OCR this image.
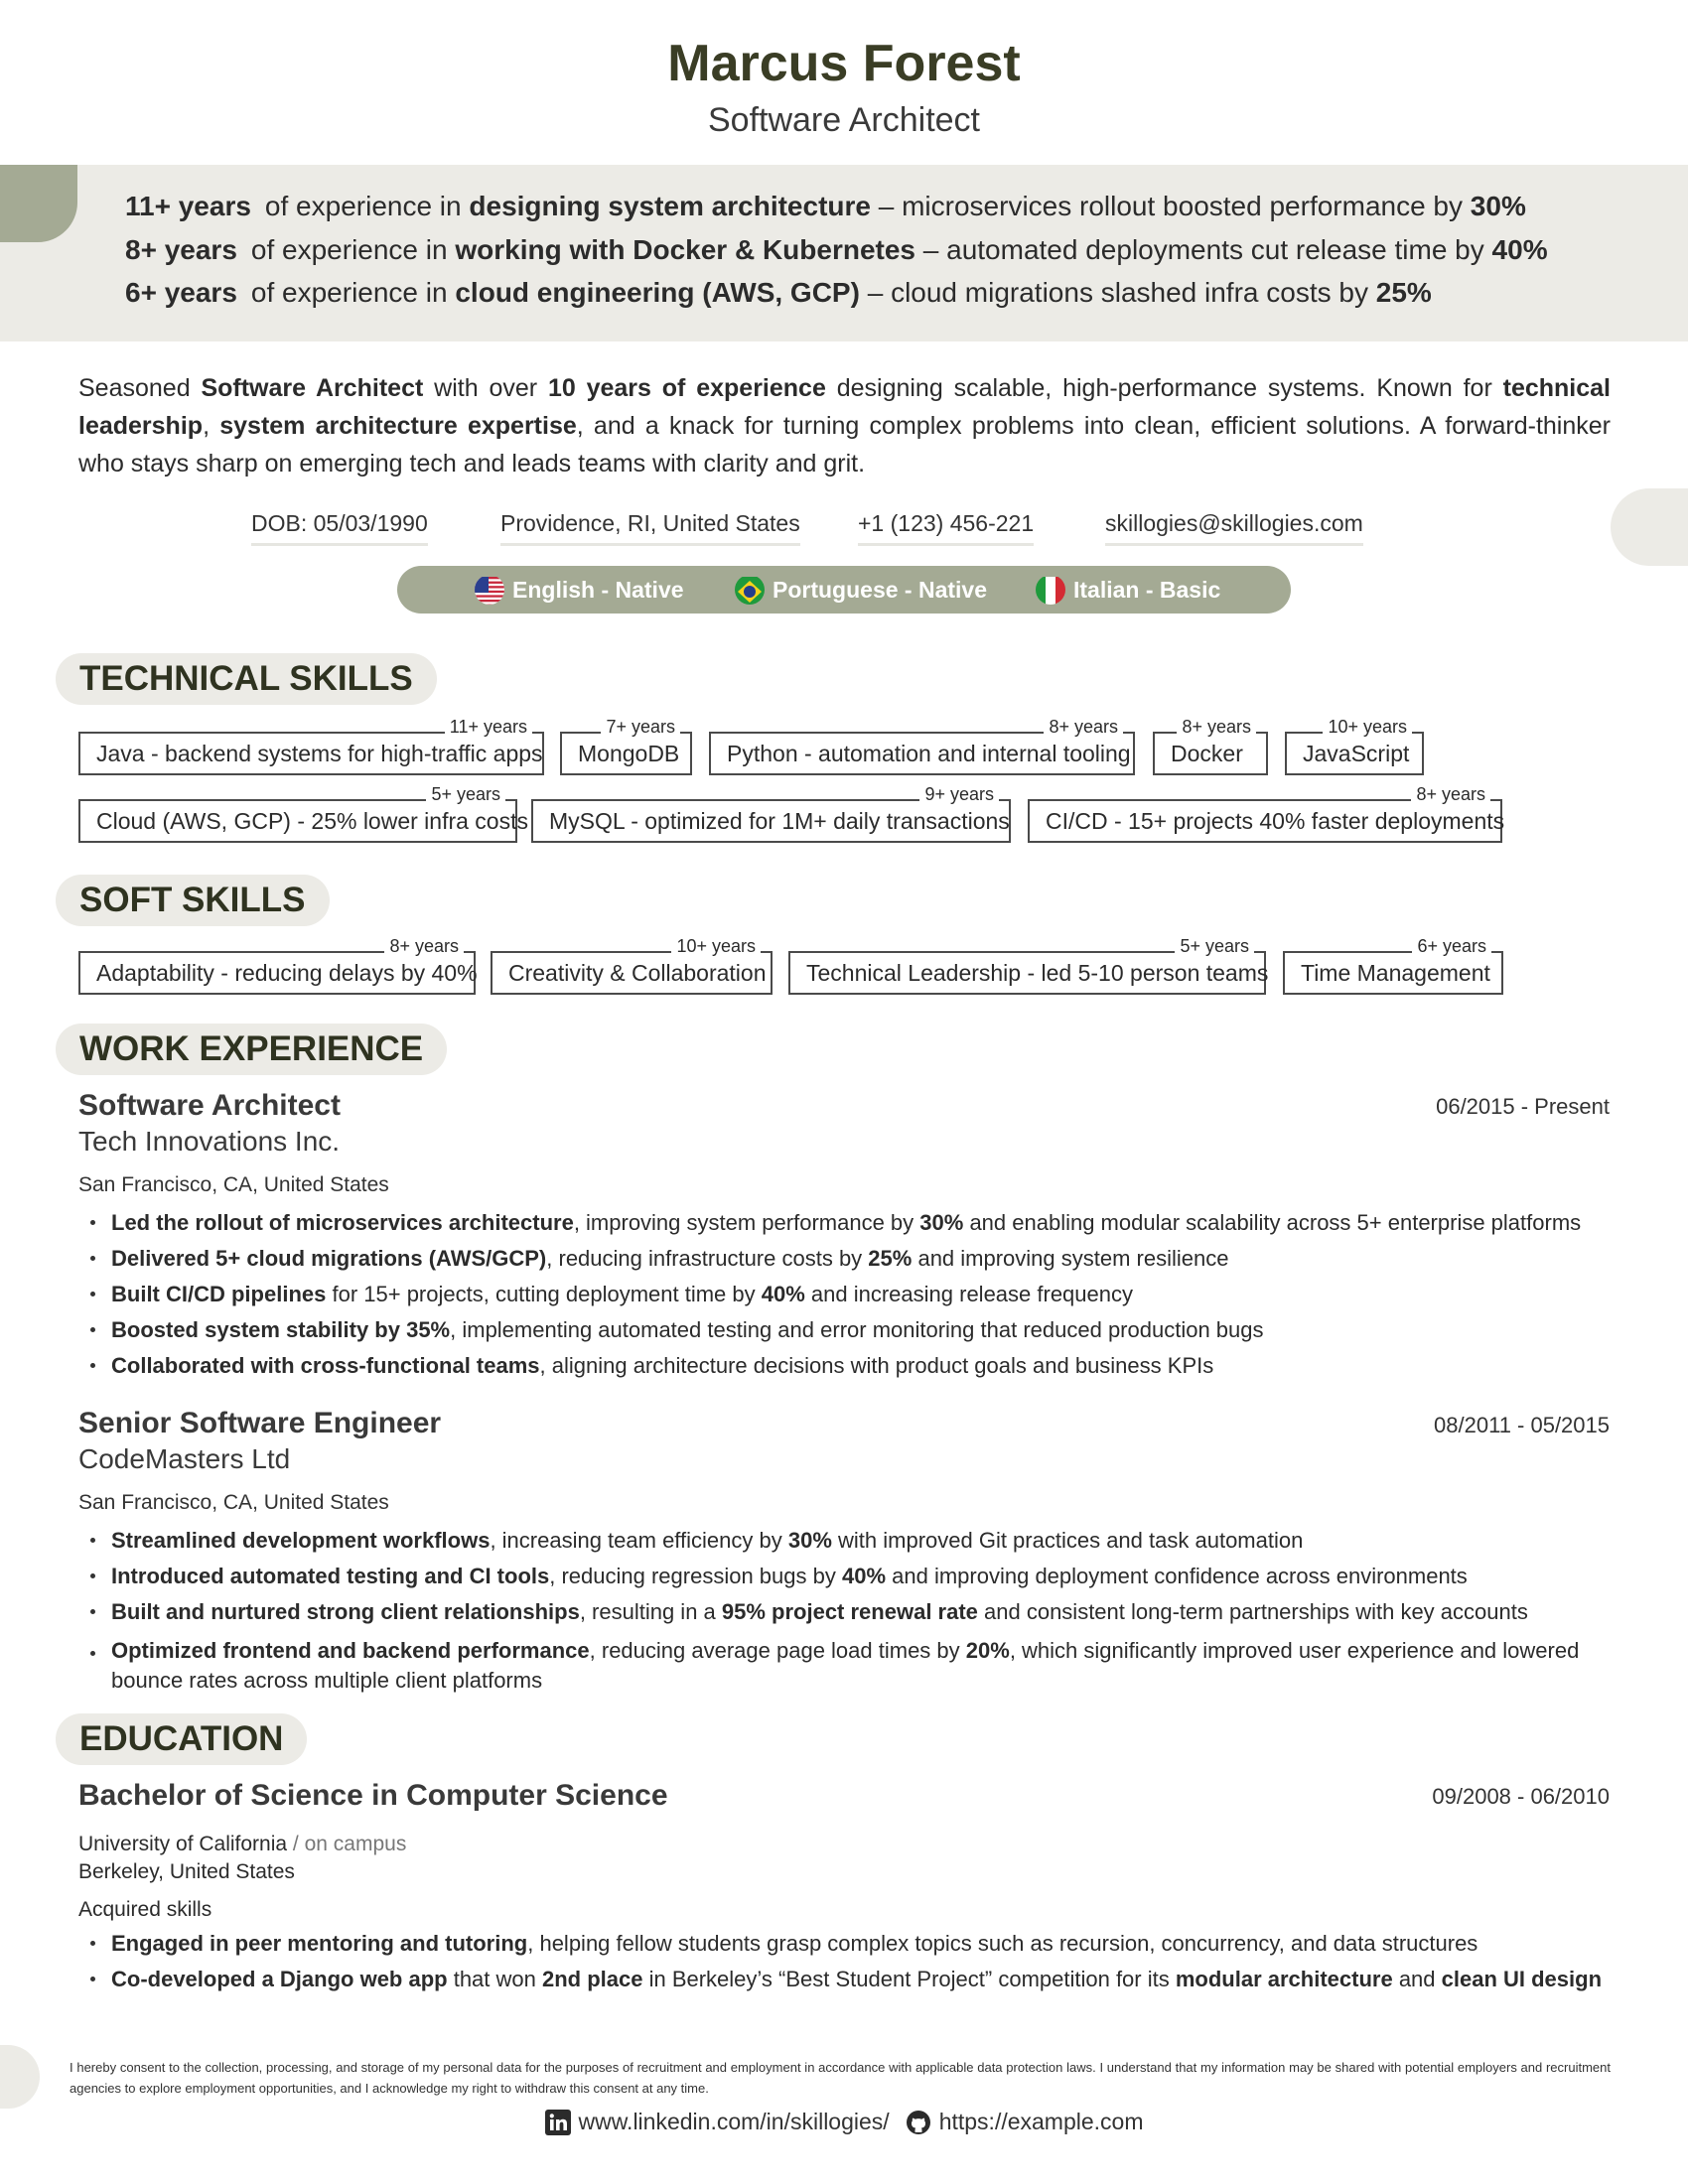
Marcus Forest
Software Architect
11+ years of experience in designing system architecture – microservices rollout boosted performance by 30%
8+ years of experience in working with Docker & Kubernetes – automated deployments cut release time by 40%
6+ years of experience in cloud engineering (AWS, GCP) – cloud migrations slashed infra costs by 25%
Seasoned Software Architect with over 10 years of experience designing scalable, high-performance systems. Known for technical leadership, system architecture expertise, and a knack for turning complex problems into clean, efficient solutions. A forward-thinker who stays sharp on emerging tech and leads teams with clarity and grit.
DOB: 05/03/1990	Providence, RI, United States	+1 (123) 456-221	skillogies@skillogies.com
English - Native	Portuguese - Native	Italian - Basic
TECHNICAL SKILLS
Java - backend systems for high-traffic apps
11+ years
MongoDB
7+ years
Python - automation and internal tooling
8+ years
Docker
8+ years
JavaScript
10+ years
Cloud (AWS, GCP) - 25% lower infra costs
5+ years
MySQL - optimized for 1M+ daily transactions
9+ years
CI/CD - 15+ projects 40% faster deployments
8+ years
SOFT SKILLS
Adaptability - reducing delays by 40%
8+ years
Creativity & Collaboration
10+ years
Technical Leadership - led 5-10 person teams
5+ years
Time Management
6+ years
WORK EXPERIENCE
Software Architect	06/2015 - Present
Tech Innovations Inc.
San Francisco, CA, United States
Led the rollout of microservices architecture, improving system performance by 30% and enabling modular scalability across 5+ enterprise platforms
Delivered 5+ cloud migrations (AWS/GCP), reducing infrastructure costs by 25% and improving system resilience
Built CI/CD pipelines for 15+ projects, cutting deployment time by 40% and increasing release frequency
Boosted system stability by 35%, implementing automated testing and error monitoring that reduced production bugs
Collaborated with cross-functional teams, aligning architecture decisions with product goals and business KPIs
Senior Software Engineer	08/2011 - 05/2015
CodeMasters Ltd
San Francisco, CA, United States
Streamlined development workflows, increasing team efficiency by 30% with improved Git practices and task automation
Introduced automated testing and CI tools, reducing regression bugs by 40% and improving deployment confidence across environments
Built and nurtured strong client relationships, resulting in a 95% project renewal rate and consistent long-term partnerships with key accounts
Optimized frontend and backend performance, reducing average page load times by 20%, which significantly improved user experience and lowered bounce rates across multiple client platforms
EDUCATION
Bachelor of Science in Computer Science	09/2008 - 06/2010
University of California / on campus
Berkeley, United States
Acquired skills
Engaged in peer mentoring and tutoring, helping fellow students grasp complex topics such as recursion, concurrency, and data structures
Co-developed a Django web app that won 2nd place in Berkeley’s “Best Student Project” competition for its modular architecture and clean UI design
I hereby consent to the collection, processing, and storage of my personal data for the purposes of recruitment and employment in accordance with applicable data protection laws. I understand that my information may be shared with potential employers and recruitment agencies to explore employment opportunities, and I acknowledge my right to withdraw this consent at any time.
www.linkedin.com/in/skillogies/ https://example.com
